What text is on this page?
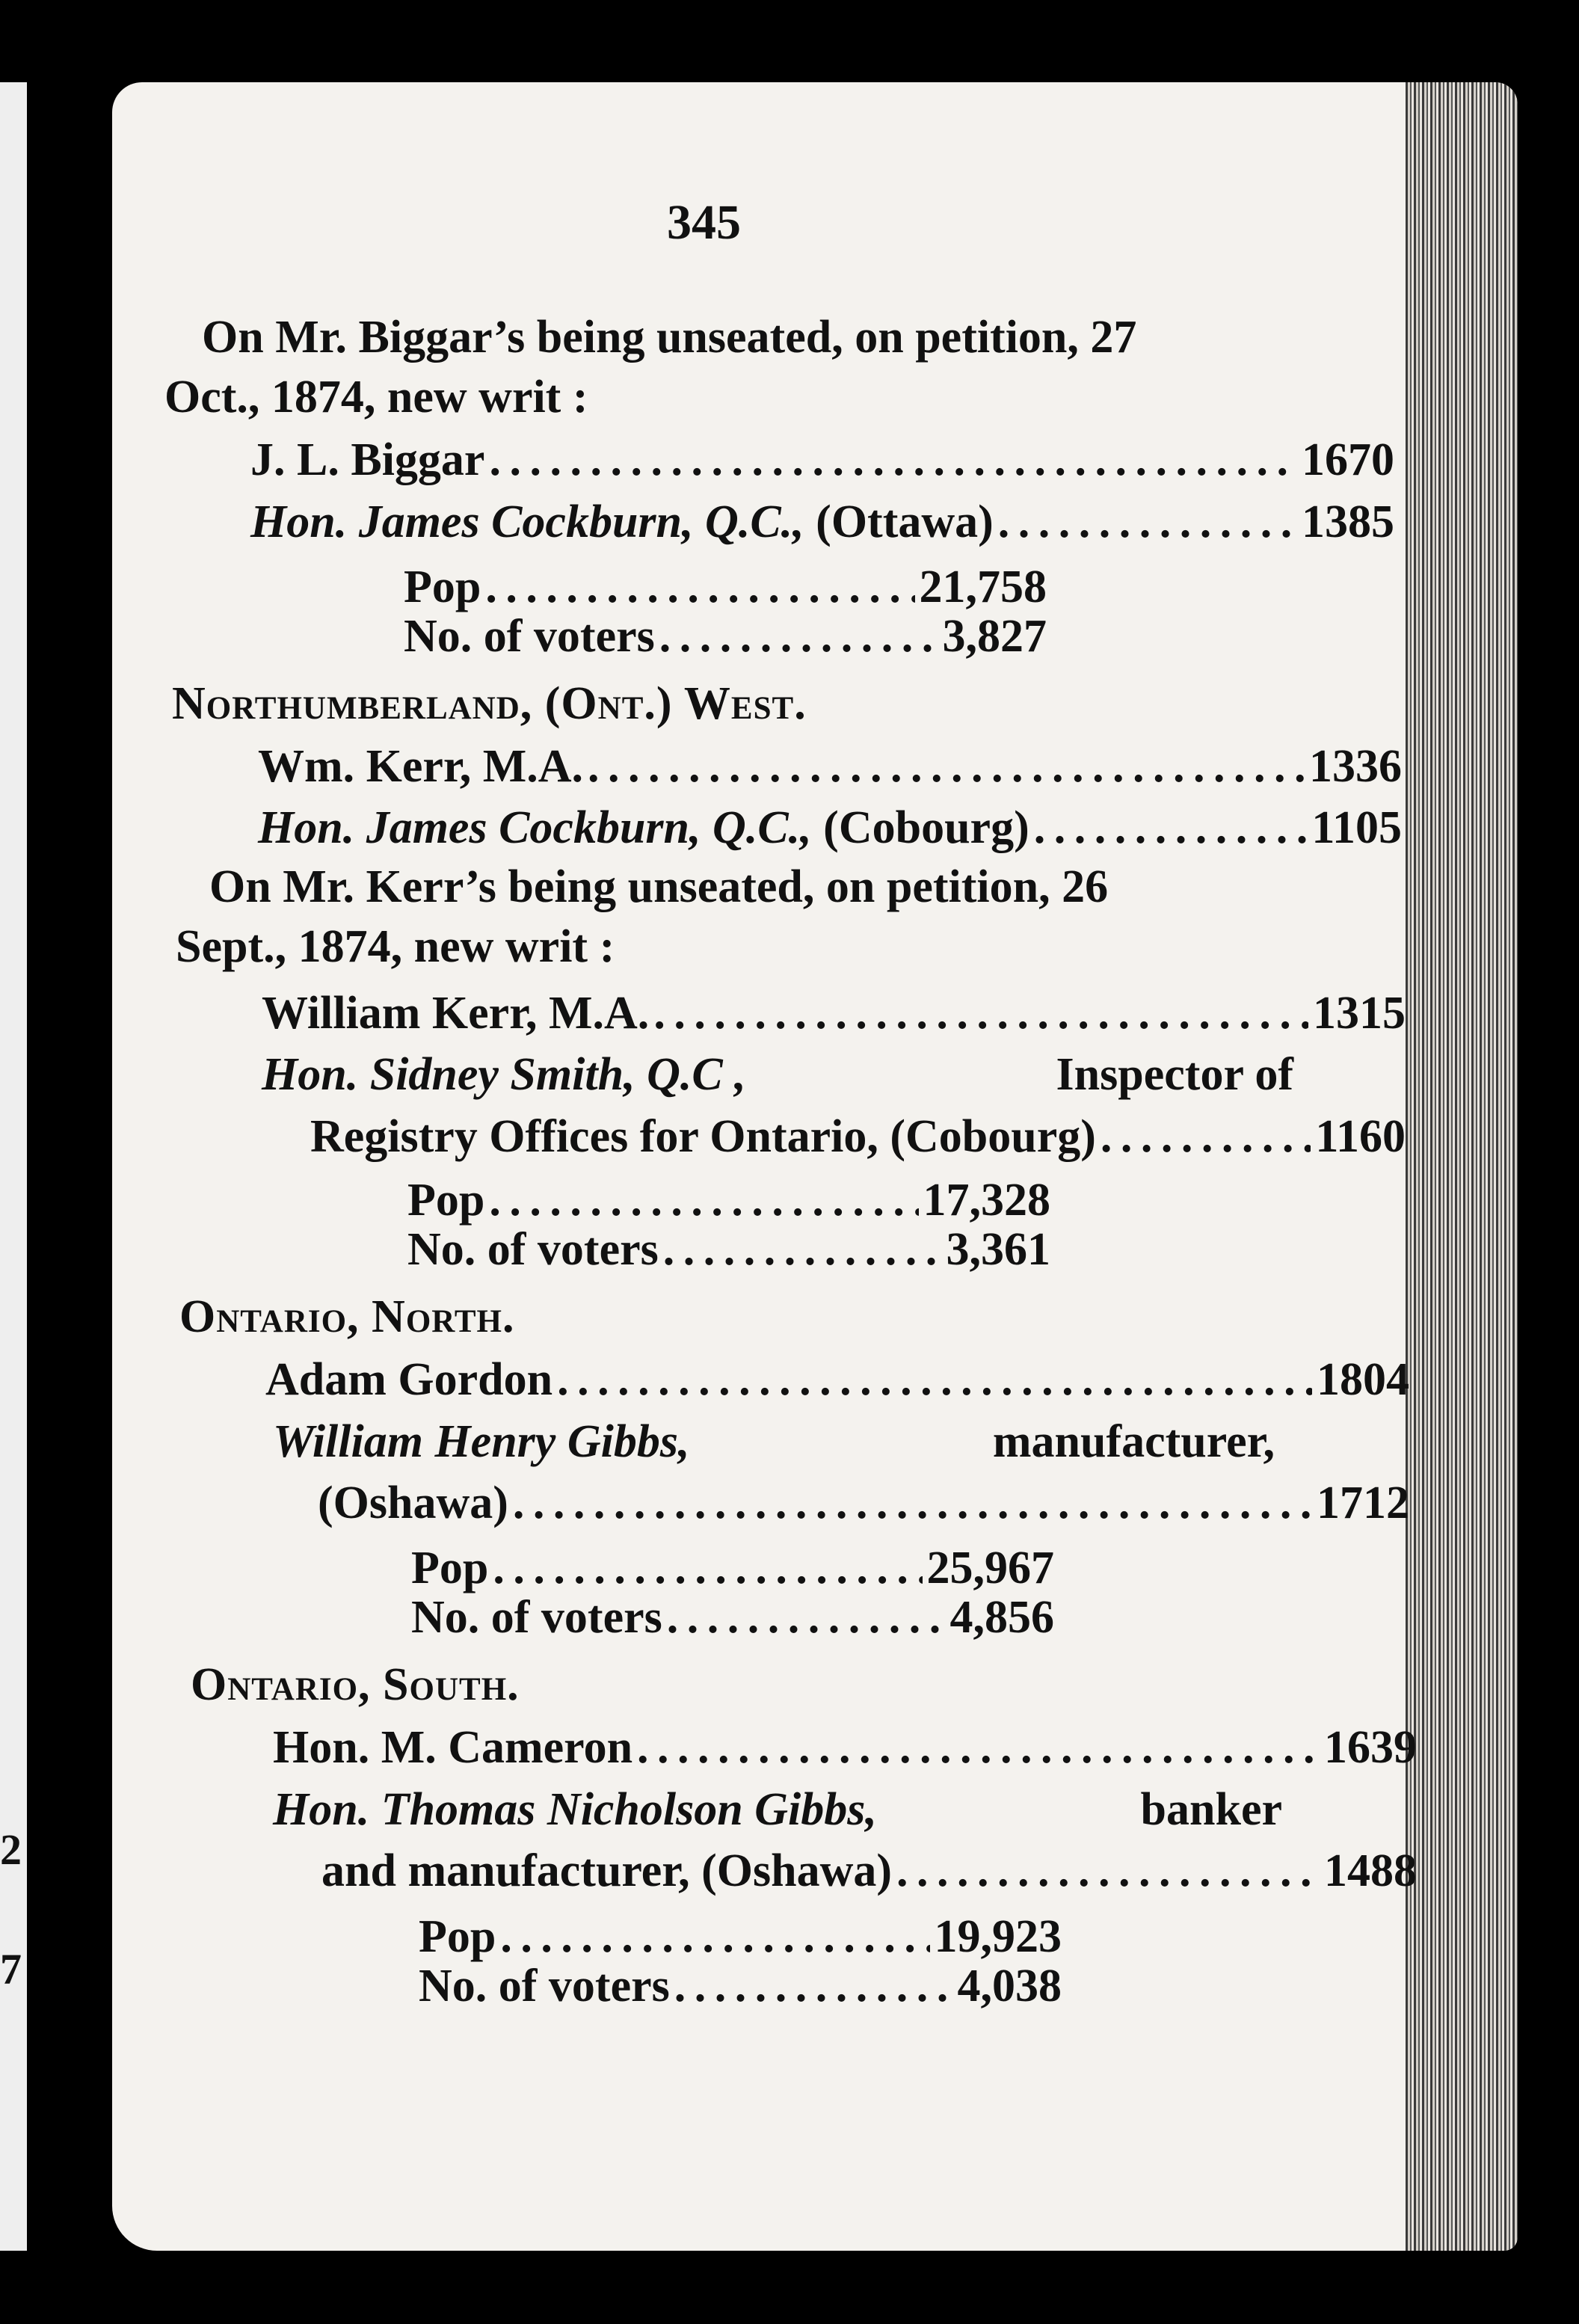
2
7
345
On Mr. Biggar’s being unseated, on petition, 27
Oct., 1874, new writ :
J. L. Biggar . . .	1670
Hon. James Cockburn, Q.C.,
(Ottawa) . . .	1385
Pop . . .	21,758
No. of voters . . .	3,827
Northumberland, (Ont.) West.
Wm. Kerr, M.A. . . .	1336
Hon. James Cockburn, Q.C.,
(Cobourg) . . .	1105
On Mr. Kerr’s being unseated, on petition, 26
Sept., 1874, new writ :
William Kerr, M.A. . . .	1315
Hon. Sidney Smith, Q.C ,	Inspector of
Registry Offices for Ontario, (Cobourg) . . .	1160
Pop . . .	17,328
No. of voters . . .	3,361
Ontario, North.
Adam Gordon . . .	1804
William Henry Gibbs,	manufacturer,
(Oshawa) . . .	1712
Pop . . .	25,967
No. of voters . . .	4,856
Ontario, South.
Hon. M. Cameron . . .	1639
Hon. Thomas Nicholson Gibbs,	banker
and manufacturer, (Oshawa) . . .	1488
Pop . . .	19,923
No. of voters . . .	4,038
